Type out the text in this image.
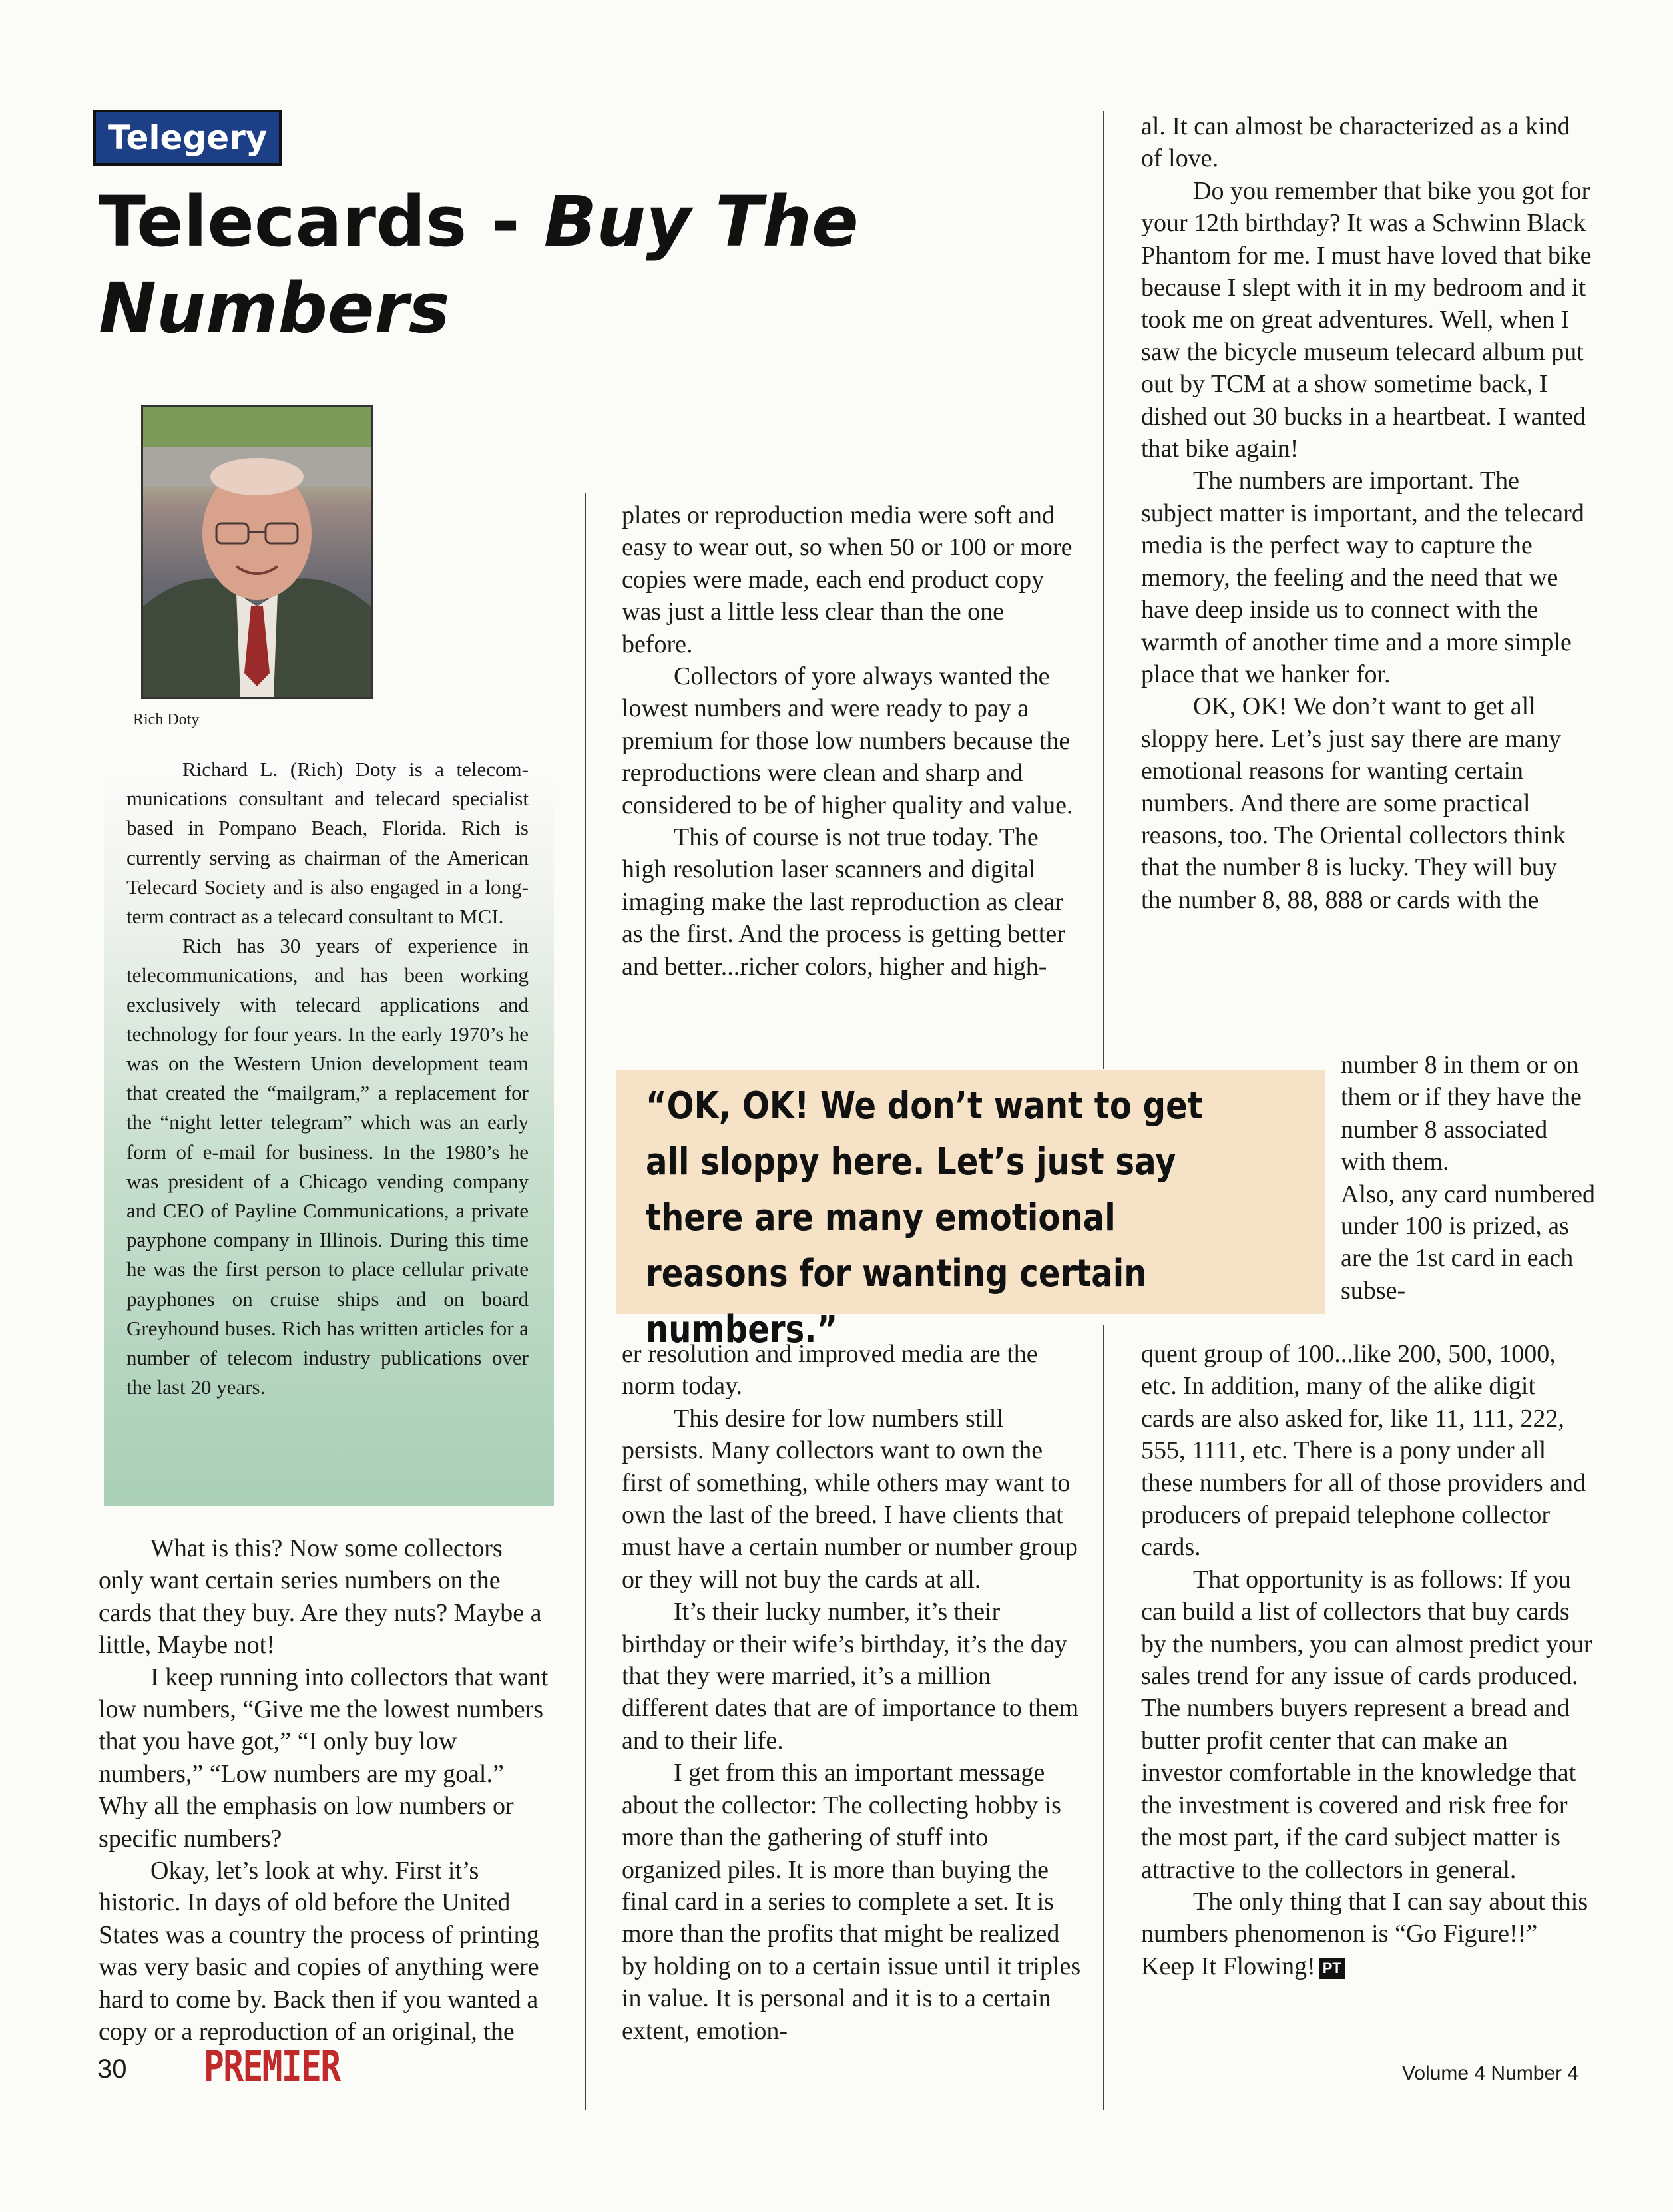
Telegery
Telecards - Buy The Numbers
Rich Doty

Richard L. (Rich) Doty is a telecommunications consultant and telecard specialist based in Pompano Beach, Florida. Rich is currently serving as chairman of the American Telecard Society and is also engaged in a long-term contract as a telecard consultant to MCI.

Rich has 30 years of experience in telecommunications, and has been working exclusively with telecard applications and technology for four years. In the early 1970’s he was on the Western Union development team that created the “mailgram,” a replacement for the “night letter telegram” which was an early form of e-mail for business. In the 1980’s he was president of a Chicago vending company and CEO of Payline Communications, a private payphone company in Illinois. During this time he was the first person to place cellular private payphones on cruise ships and on board Greyhound buses. Rich has written articles for a number of telecom industry publications over the last 20 years.

What is this? Now some collectors only want certain series numbers on the cards that they buy. Are they nuts? Maybe a little, Maybe not!

I keep running into collectors that want low numbers, “Give me the lowest numbers that you have got,” “I only buy low numbers,” “Low numbers are my goal.” Why all the emphasis on low numbers or specific numbers?

Okay, let’s look at why. First it’s historic. In days of old before the United States was a country the process of printing was very basic and copies of anything were hard to come by. Back then if you wanted a copy or a reproduction of an original, the

plates or reproduction media were soft and easy to wear out, so when 50 or 100 or more copies were made, each end product copy was just a little less clear than the one before.

Collectors of yore always wanted the lowest numbers and were ready to pay a premium for those low numbers because the reproductions were clean and sharp and considered to be of higher quality and value.

This of course is not true today. The high resolution laser scanners and digital imaging make the last reproduction as clear as the first. And the process is getting better and better...richer colors, higher and high-

er resolution and improved media are the norm today.

This desire for low numbers still persists. Many collectors want to own the first of something, while others may want to own the last of the breed. I have clients that must have a certain number or number group or they will not buy the cards at all.

It’s their lucky number, it’s their birthday or their wife’s birthday, it’s the day that they were married, it’s a million different dates that are of importance to them and to their life.

I get from this an important message about the collector: The collecting hobby is more than the gathering of stuff into organized piles. It is more than buying the final card in a series to complete a set. It is more than the profits that might be realized by holding on to a certain issue until it triples in value. It is personal and it is to a certain extent, emotion-

al. It can almost be characterized as a kind of love.

Do you remember that bike you got for your 12th birthday? It was a Schwinn Black Phantom for me. I must have loved that bike because I slept with it in my bedroom and it took me on great adventures. Well, when I saw the bicycle museum telecard album put out by TCM at a show sometime back, I dished out 30 bucks in a heartbeat. I wanted that bike again!

The numbers are important. The subject matter is important, and the telecard media is the perfect way to capture the memory, the feeling and the need that we have deep inside us to connect with the warmth of another time and a more simple place that we hanker for.

OK, OK! We don’t want to get all sloppy here. Let’s just say there are many emotional reasons for wanting certain numbers. And there are some practical reasons, too. The Oriental collectors think that the number 8 is lucky. They will buy the number 8, 88, 888 or cards with the

number 8 in them or on them or if they have the number 8 associated with them.

Also, any card numbered under 100 is prized, as are the 1st card in each subse-

quent group of 100...like 200, 500, 1000, etc. In addition, many of the alike digit cards are also asked for, like 11, 111, 222, 555, 1111, etc. There is a pony under all these numbers for all of those providers and producers of prepaid telephone collector cards.

That opportunity is as follows: If you can build a list of collectors that buy cards by the numbers, you can almost predict your sales trend for any issue of cards produced. The numbers buyers represent a bread and butter profit center that can make an investor comfortable in the knowledge that the investment is covered and risk free for the most part, if the card subject matter is attractive to the collectors in general.

The only thing that I can say about this numbers phenomenon is “Go Figure!!”

Keep It Flowing! PT

“OK, OK! We don’t want to get all sloppy here. Let’s just say there are many emotional reasons for wanting certain numbers.”

30 PREMIER	Volume 4 Number 4
